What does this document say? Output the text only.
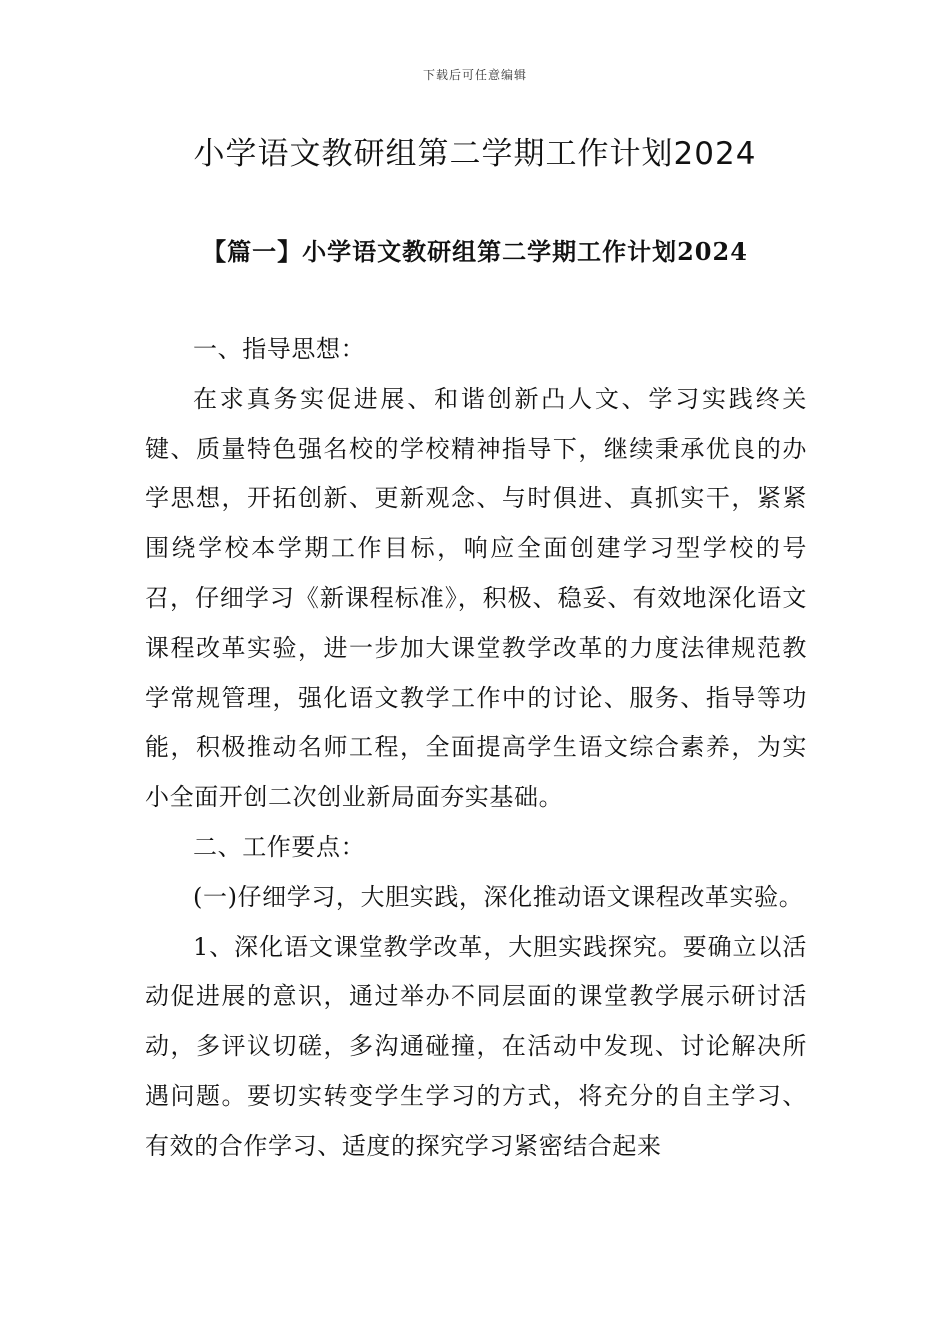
下载后可任意编辑
小学语文教研组第二学期工作计划2024
【篇一】小学语文教研组第二学期工作计划2024

一、指导思想：

在求真务实促进展、和谐创新凸人文、学习实践终关键、质量特色强名校的学校精神指导下，继续秉承优良的办学思想，开拓创新、更新观念、与时俱进、真抓实干，紧紧围绕学校本学期工作目标，响应全面创建学习型学校的号召，仔细学习《新课程标准》，积极、稳妥、有效地深化语文课程改革实验，进一步加大课堂教学改革的力度法律规范教学常规管理，强化语文教学工作中的讨论、服务、指导等功能，积极推动名师工程，全面提高学生语文综合素养，为实小全面开创二次创业新局面夯实基础。

二、工作要点：

(一)仔细学习，大胆实践，深化推动语文课程改革实验。

1、深化语文课堂教学改革，大胆实践探究。要确立以活动促进展的意识，通过举办不同层面的课堂教学展示研讨活动，多评议切磋，多沟通碰撞，在活动中发现、讨论解决所遇问题。要切实转变学生学习的方式，将充分的自主学习、有效的合作学习、适度的探究学习紧密结合起来
